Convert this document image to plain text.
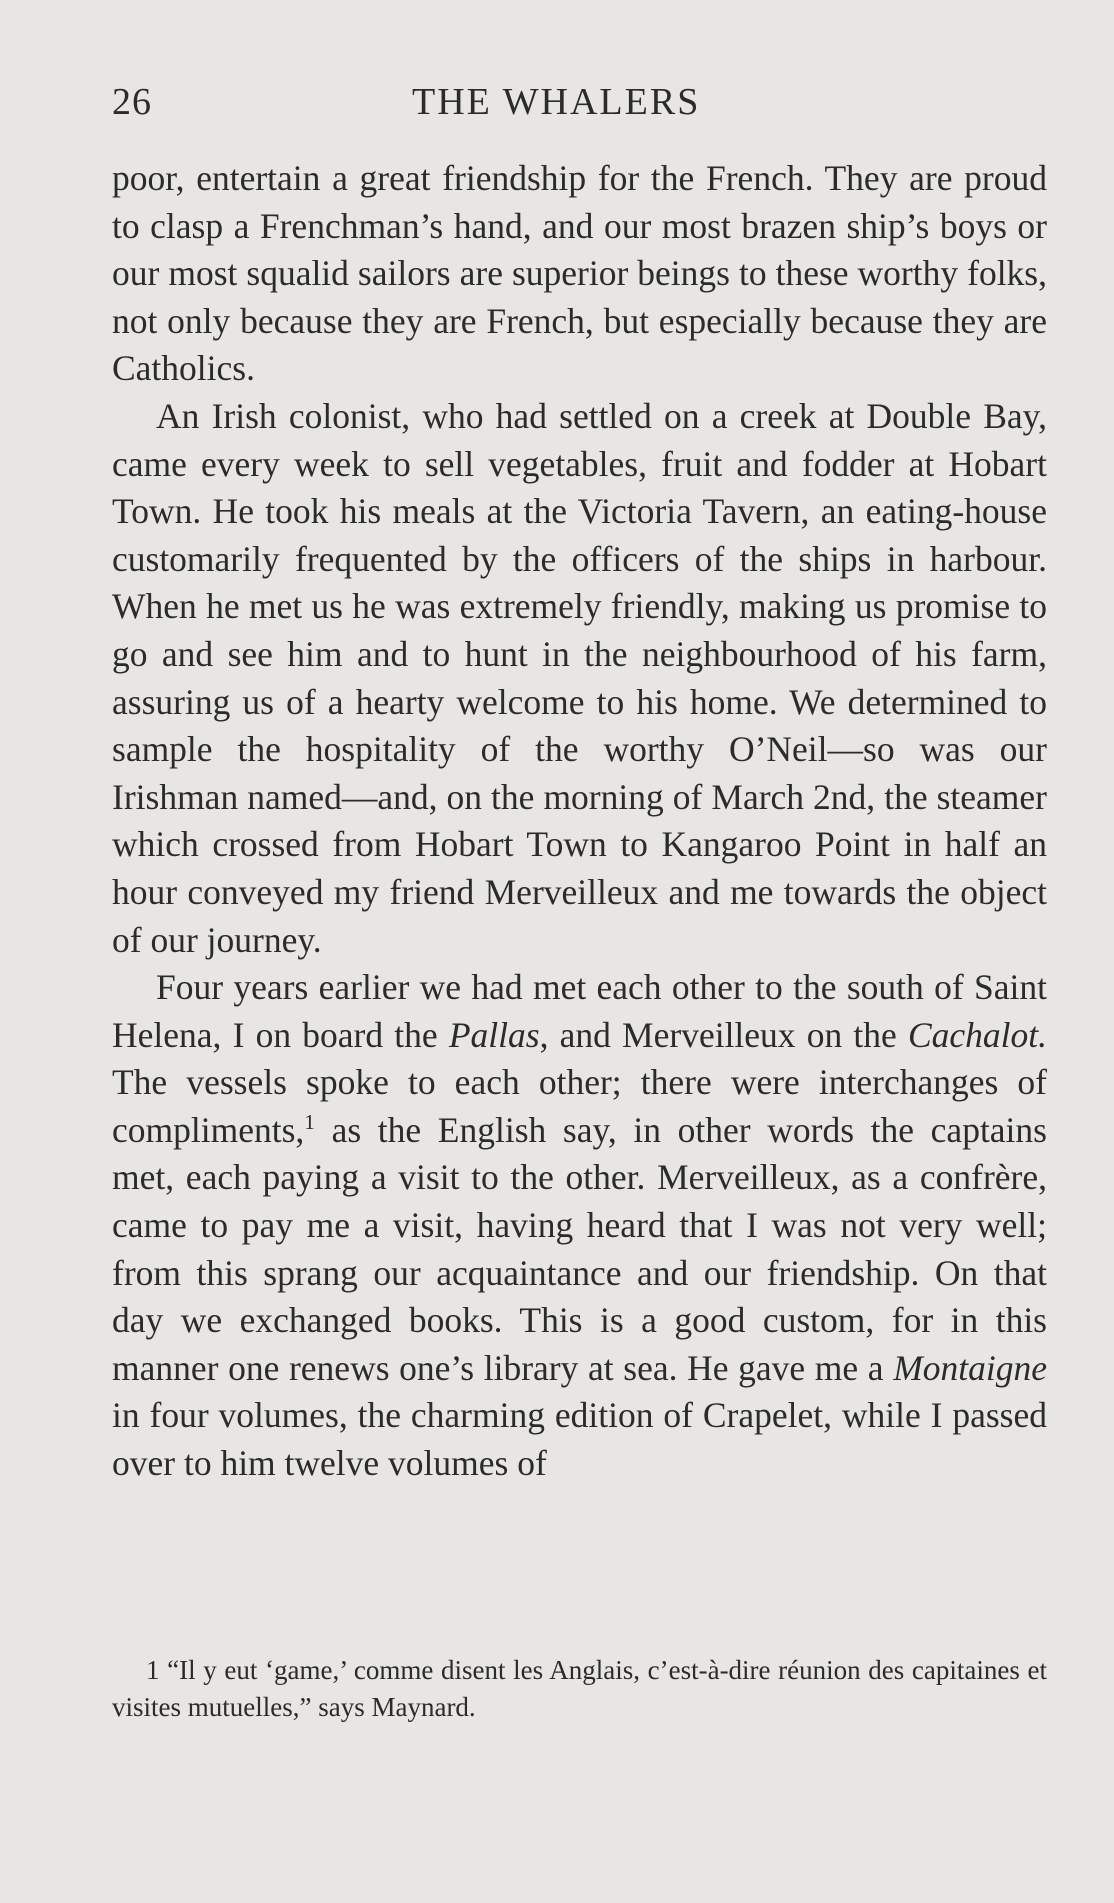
26	THE WHALERS

poor, entertain a great friendship for the French. They are proud to clasp a Frenchman’s hand, and our most brazen ship’s boys or our most squalid sailors are superior beings to these worthy folks, not only because they are French, but especially because they are Catholics.

An Irish colonist, who had settled on a creek at Double Bay, came every week to sell vegetables, fruit and fodder at Hobart Town. He took his meals at the Victoria Tavern, an eating-house customarily frequented by the officers of the ships in harbour. When he met us he was extremely friendly, making us promise to go and see him and to hunt in the neighbourhood of his farm, assuring us of a hearty welcome to his home. We determined to sample the hospitality of the worthy O’Neil—so was our Irishman named—and, on the morning of March 2nd, the steamer which crossed from Hobart Town to Kangaroo Point in half an hour conveyed my friend Merveilleux and me towards the object of our journey.

Four years earlier we had met each other to the south of Saint Helena, I on board the Pallas, and Merveilleux on the Cachalot. The vessels spoke to each other; there were interchanges of compliments,$^1$ as the English say, in other words the captains met, each paying a visit to the other. Merveilleux, as a confrère, came to pay me a visit, having heard that I was not very well; from this sprang our acquaintance and our friendship. On that day we exchanged books. This is a good custom, for in this manner one renews one’s library at sea. He gave me a Montaigne in four volumes, the charming edition of Crapelet, while I passed over to him twelve volumes of

1 “Il y eut ‘game,’ comme disent les Anglais, c’est-à-dire réunion des capitaines et visites mutuelles,” says Maynard.
